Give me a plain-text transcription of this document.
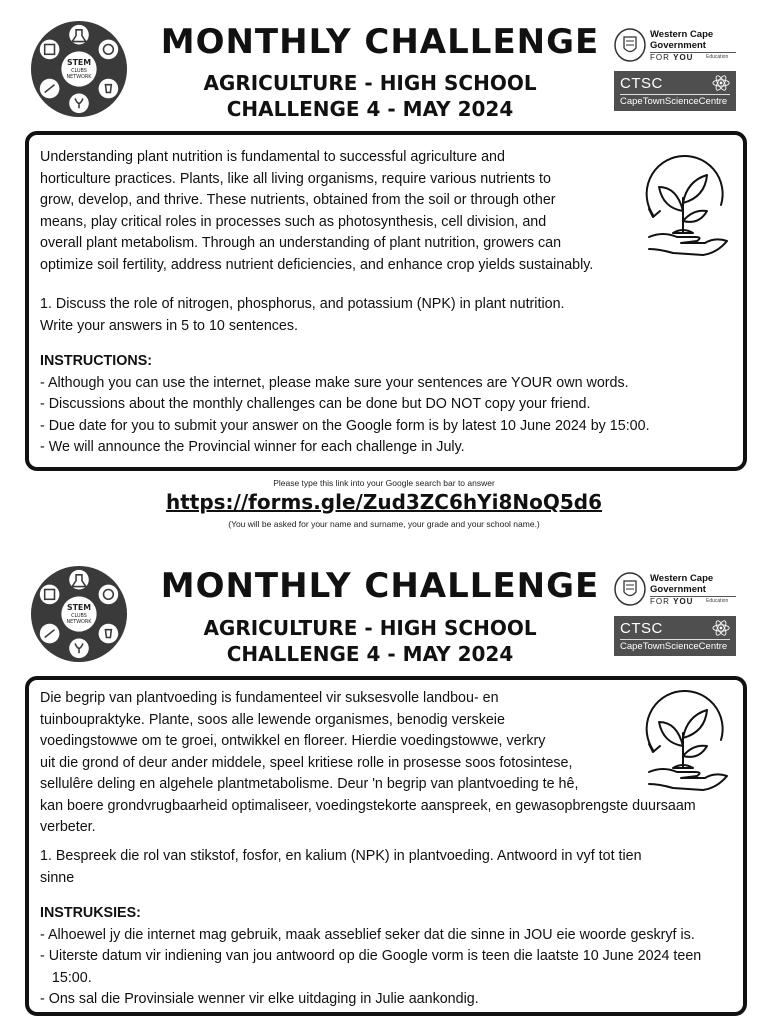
STEM
CLUBS
NETWORK
MONTHLY CHALLENGE
AGRICULTURE - HIGH SCHOOL
CHALLENGE 4 - MAY 2024
Western Cape Government
FOR YOU	Education
CTSC
CapeTownScienceCentre

Understanding plant nutrition is fundamental to successful agriculture and

horticulture practices. Plants, like all living organisms, require various nutrients to

grow, develop, and thrive. These nutrients, obtained from the soil or through other

means, play critical roles in processes such as photosynthesis, cell division, and

overall plant metabolism. Through an understanding of plant nutrition, growers can

optimize soil fertility, address nutrient deficiencies, and enhance crop yields sustainably.

1. Discuss the role of nitrogen, phosphorus, and potassium (NPK) in plant nutrition.

Write your answers in 5 to 10 sentences.

INSTRUCTIONS:

- Although you can use the internet, please make sure your sentences are YOUR own words.

- Discussions about the monthly challenges can be done but DO NOT copy your friend.

- Due date for you to submit your answer on the Google form is by latest 10 June 2024 by 15:00.

- We will announce the Provincial winner for each challenge in July.

Please type this link into your Google search bar to answer
https://forms.gle/Zud3ZC6hYi8NoQ5d6
(You will be asked for your name and surname, your grade and your school name.)
STEM
CLUBS
NETWORK
MONTHLY CHALLENGE
AGRICULTURE - HIGH SCHOOL
CHALLENGE 4 - MAY 2024
Western Cape Government
FOR YOU	Education
CTSC
CapeTownScienceCentre

Die begrip van plantvoeding is fundamenteel vir suksesvolle landbou- en

tuinboupraktyke. Plante, soos alle lewende organismes, benodig verskeie

voedingstowwe om te groei, ontwikkel en floreer. Hierdie voedingstowwe, verkry

uit die grond of deur ander middele, speel kritiese rolle in prosesse soos fotosintese,

sellulêre deling en algehele plantmetabolisme. Deur 'n begrip van plantvoeding te hê,

kan boere grondvrugbaarheid optimaliseer, voedingstekorte aanspreek, en gewasopbrengste duursaam

verbeter.

1. Bespreek die rol van stikstof, fosfor, en kalium (NPK) in plantvoeding. Antwoord in vyf tot tien

sinne

INSTRUKSIES:

- Alhoewel jy die internet mag gebruik, maak asseblief seker dat die sinne in JOU eie woorde geskryf is.

- Uiterste datum vir indiening van jou antwoord op die Google vorm is teen die laatste 10 June 2024 teen

15:00.

- Ons sal die Provinsiale wenner vir elke uitdaging in Julie aankondig.
